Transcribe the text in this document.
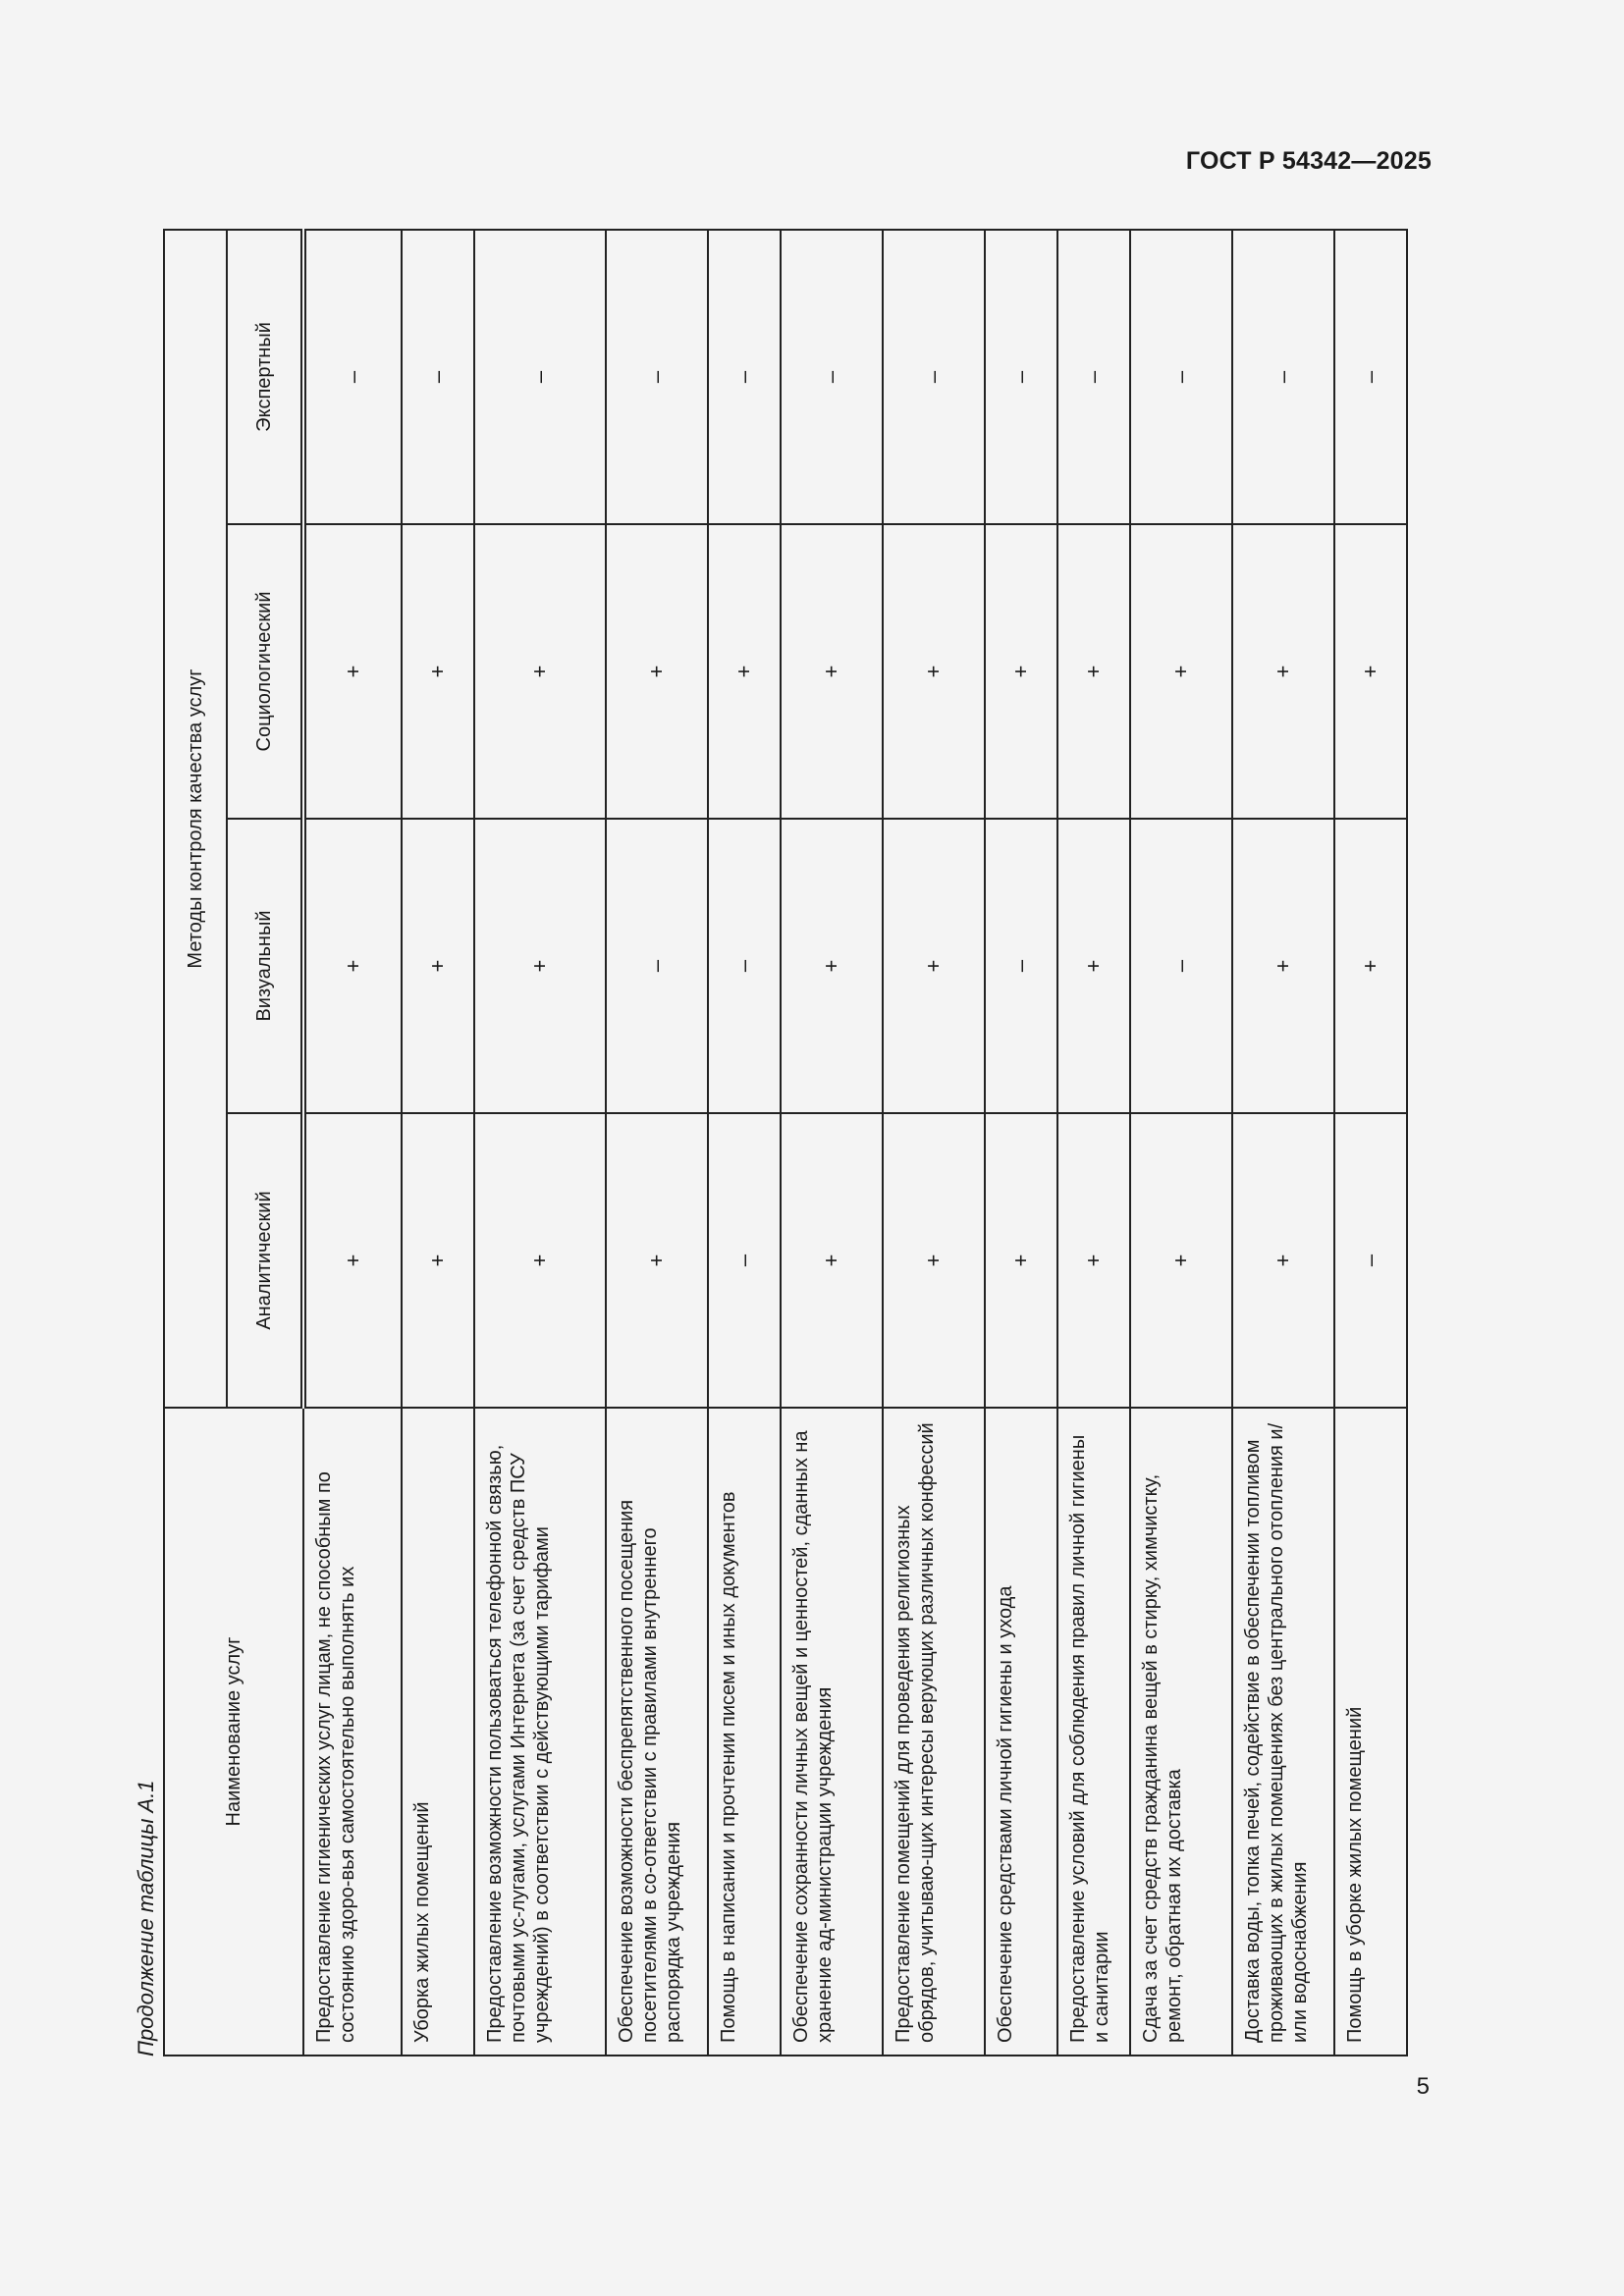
ГОСТ Р 54342—2025
Продолжение таблицы А.1
Наименование услуг	Методы контроля качества услуг			
	Аналитический	Визуальный	Социологический	Экспертный
Предоставление гигиенических услуг лицам, не способным по состоянию здоро-вья самостоятельно выполнять их	+	+	+	–
Уборка жилых помещений	+	+	+	–
Предоставление возможности пользоваться телефонной связью, почтовыми ус-лугами, услугами Интернета (за счет средств ПСУ учреждений) в соответствии с действующими тарифами	+	+	+	–
Обеспечение возможности беспрепятственного посещения посетителями в со-ответствии с правилами внутреннего распорядка учреждения	+	–	+	–
Помощь в написании и прочтении писем и иных документов	–	–	+	–
Обеспечение сохранности личных вещей и ценностей, сданных на хранение ад-министрации учреждения	+	+	+	–
Предоставление помещений для проведения религиозных обрядов, учитываю-щих интересы верующих различных конфессий	+	+	+	–
Обеспечение средствами личной гигиены и ухода	+	–	+	–
Предоставление условий для соблюдения правил личной гигиены и санитарии	+	+	+	–
Сдача за счет средств гражданина вещей в стирку, химчистку, ремонт, обратная их доставка	+	–	+	–
Доставка воды, топка печей, содействие в обеспечении топливом проживающих в жилых помещениях без центрального отопления и/или водоснабжения	+	+	+	–
Помощь в уборке жилых помещений	–	+	+	–
5
